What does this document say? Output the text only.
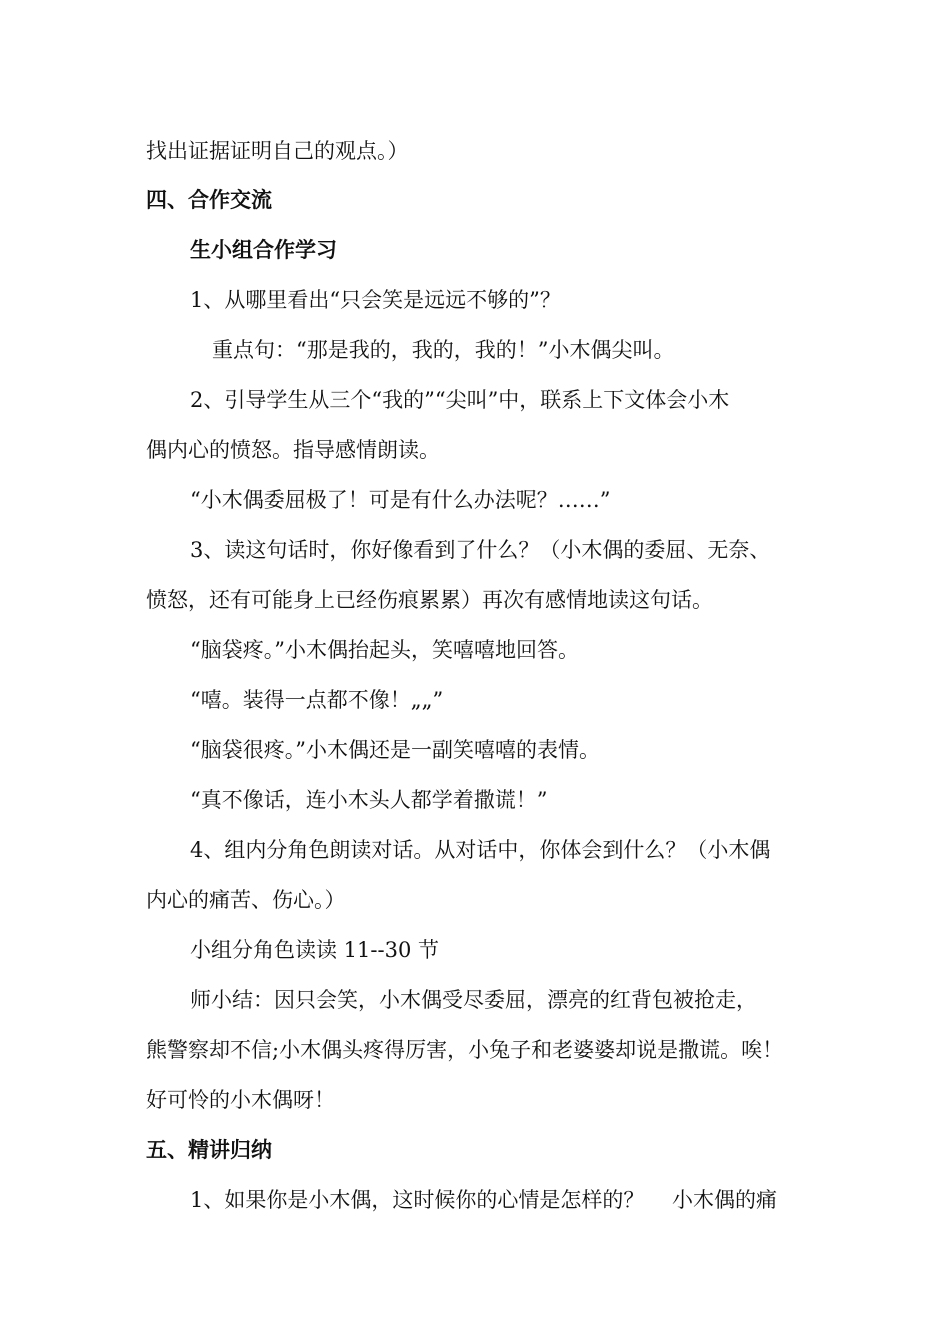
找出证据证明自己的观点。）
四、合作交流
生小组合作学习
1、从哪里看出“只会笑是远远不够的”？
重点句：“那是我的，我的，我的！”小木偶尖叫。
2、引导学生从三个“我的”“尖叫”中，联系上下文体会小木
偶内心的愤怒。指导感情朗读。
“小木偶委屈极了！可是有什么办法呢？……”
3、读这句话时，你好像看到了什么？（小木偶的委屈、无奈、
愤怒，还有可能身上已经伤痕累累）再次有感情地读这句话。
“脑袋疼。”小木偶抬起头，笑嘻嘻地回答。
“嘻。装得一点都不像！„„”
“脑袋很疼。”小木偶还是一副笑嘻嘻的表情。
“真不像话，连小木头人都学着撒谎！”
4、组内分角色朗读对话。从对话中，你体会到什么？（小木偶
内心的痛苦、伤心。）
小组分角色读读 11--30 节
师小结：因只会笑，小木偶受尽委屈，漂亮的红背包被抢走，
熊警察却不信;小木偶头疼得厉害，小兔子和老婆婆却说是撒谎。唉！
好可怜的小木偶呀！
五、精讲归纳
1、如果你是小木偶，这时候你的心情是怎样的？　 小木偶的痛
